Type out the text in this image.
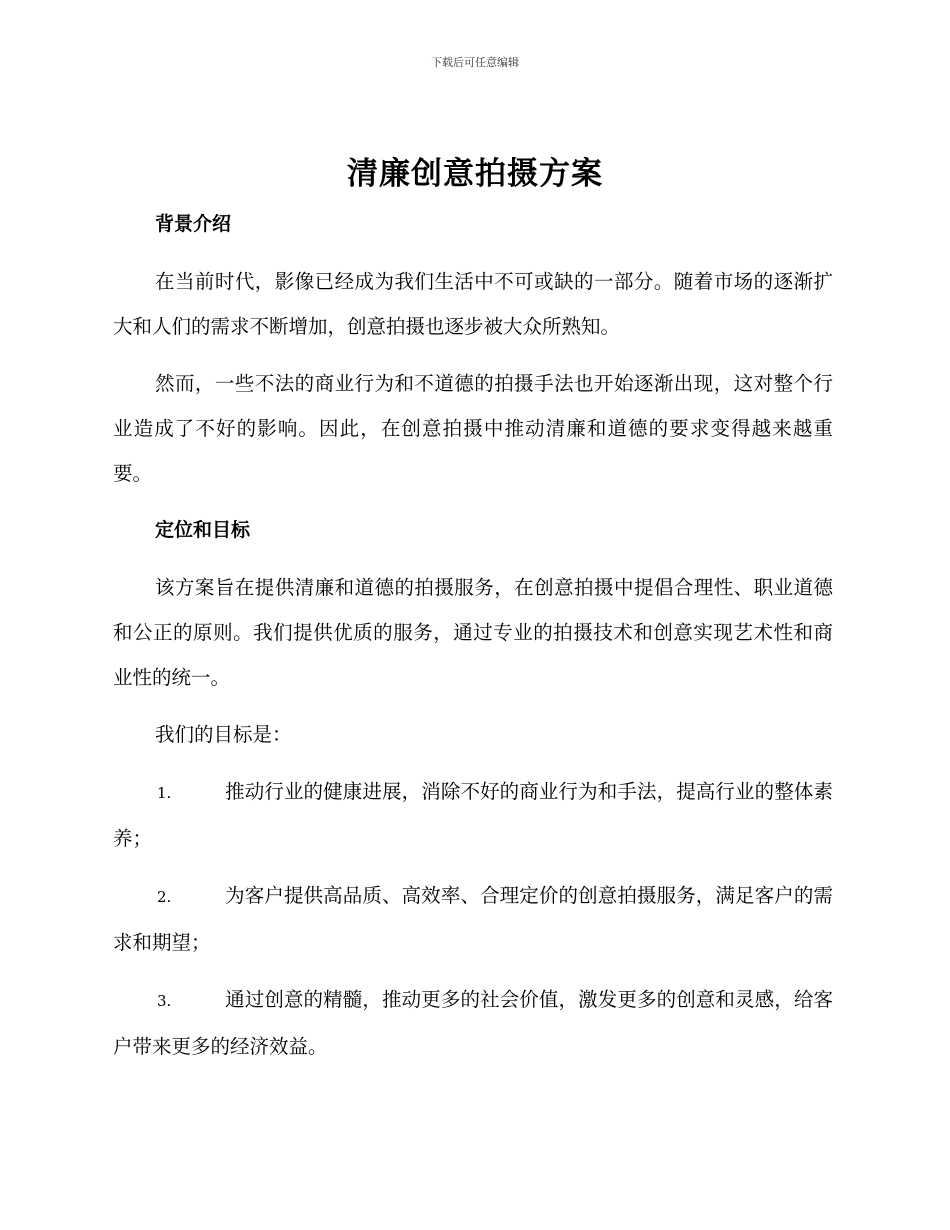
下载后可任意编辑
清廉创意拍摄方案
背景介绍
在当前时代，影像已经成为我们生活中不可或缺的一部分。随着市场的逐渐扩大和人们的需求不断增加，创意拍摄也逐步被大众所熟知。
然而，一些不法的商业行为和不道德的拍摄手法也开始逐渐出现，这对整个行业造成了不好的影响。因此，在创意拍摄中推动清廉和道德的要求变得越来越重要。
定位和目标
该方案旨在提供清廉和道德的拍摄服务，在创意拍摄中提倡合理性、职业道德和公正的原则。我们提供优质的服务，通过专业的拍摄技术和创意实现艺术性和商业性的统一。
我们的目标是：
1.	推动行业的健康进展，消除不好的商业行为和手法，提高行业的整体素养；
2.	为客户提供高品质、高效率、合理定价的创意拍摄服务，满足客户的需求和期望；
3.	通过创意的精髓，推动更多的社会价值，激发更多的创意和灵感，给客户带来更多的经济效益。
